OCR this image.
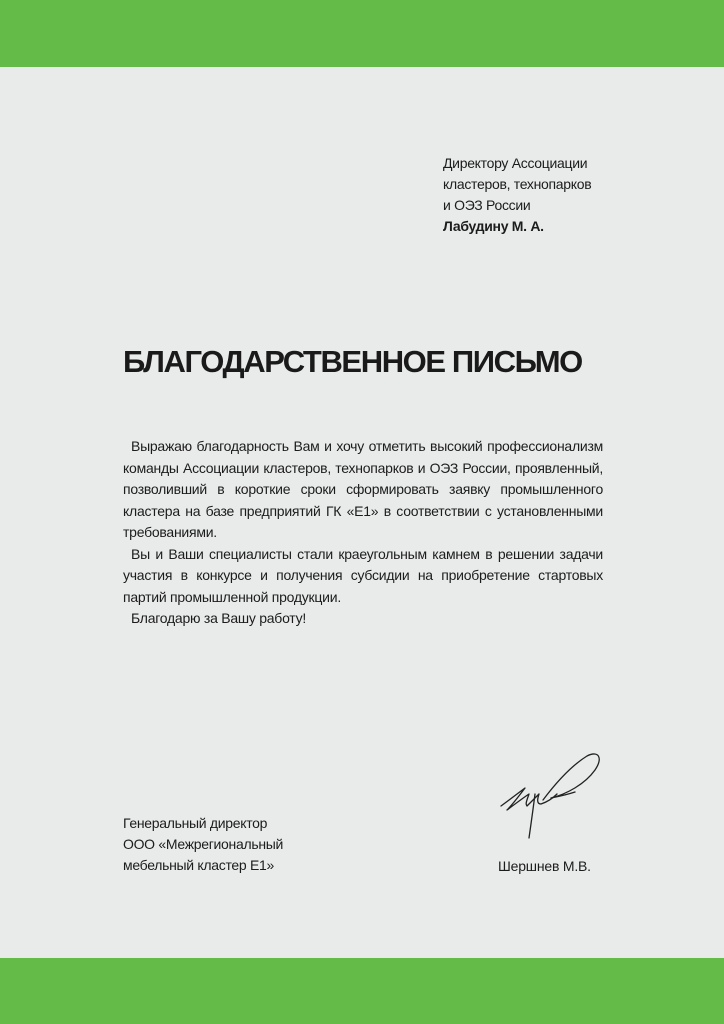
Директору Ассоциации
кластеров, технопарков
и ОЭЗ России
Лабудину М. А.
БЛАГОДАРСТВЕННОЕ ПИСЬМО

Выражаю благодарность Вам и хочу отметить высокий профессионализм команды Ассоциации кластеров, технопарков и ОЭЗ России, проявленный, позволивший в короткие сроки сформировать заявку промышленного кластера на базе предприятий ГК «Е1» в соответствии с установленными требованиями.

Вы и Ваши специалисты стали краеугольным камнем в решении задачи участия в конкурсе и получения субсидии на приобретение стартовых партий промышленной продукции.

Благодарю за Вашу работу!

Генеральный директор
ООО «Межрегиональный
мебельный кластер Е1»	Шершнев М.В.
